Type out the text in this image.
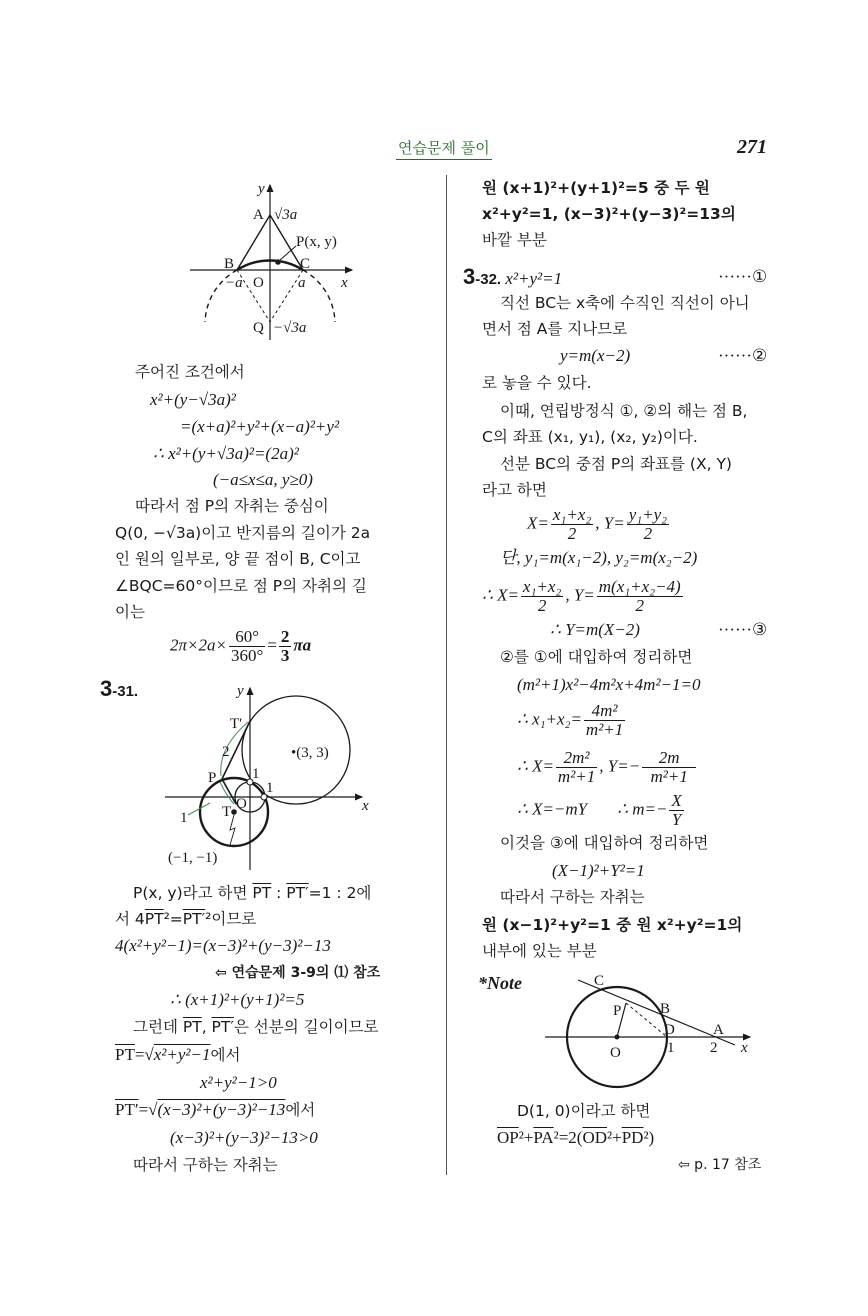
연습문제 풀이	271
y
A √3a
P(x, y)
B	C
−a O a x
Q −√3a
y
T′
2	•(3, 3)
P 1
1
O
T
1
x
(−1, −1)
C
B
P
D	A
O	1 2 x
주어진 조건에서
x²+(y−√3a)²
=(x+a)²+y²+(x−a)²+y²
∴ x²+(y+√3a)²=(2a)²
(−a≤x≤a, y≥0)
따라서 점 P의 자취는 중심이
Q(0, −√3a)이고 반지름의 길이가 2a
인 원의 일부로, 양 끝 점이 B, C이고
∠BQC=60°이므로 점 P의 자취의 길
이는
$2\pi\times 2a\times \frac{60^\circ}{360^\circ} = \frac{2}{3}$ πa
3-31.
P(x, y)라고 하면 $\overline{PT}$ : PT′=1 : 2에
서 $4\overline{PT}^2=PT'^2$이므로
4(x²+y²−1)=(x−3)²+(y−3)²−13
⇦ 연습문제 3-9의 ⑴ 참조
∴ (x+1)²+(y+1)²=5
그런데 $\overline{PT}$, PT′은 선분의 길이이므로
$\overline{PT}=√x^2+y^2-1$에서
x²+y²−1>0
PT′=√(x−3)²+(y−3)²−13에서
(x−3)²+(y−3)²−13>0
따라서 구하는 자취는
원 (x+1)²+(y+1)²=5 중 두 원
x²+y²=1, (x−3)²+(y−3)²=13의
바깥 부분
3-32. x²+y²=1	······①
직선 BC는 x축에 수직인 직선이 아니
면서 점 A를 지나므로
y=m(x−2)	······②
로 놓을 수 있다.
이때, 연립방정식 ①, ②의 해는 점 B,
C의 좌표 (x₁, y₁), (x₂, y₂)이다.
선분 BC의 중점 P의 좌표를 (X, Y)
라고 하면
$X= \frac{\text{x₁+x₂}}{2}$ , $Y= \frac{\text{y₁+y₂}}{2}$
단, y₁=m(x₁−2), y₂=m(x₂−2)
∴ $X= \frac{\text{x₁+x₂}}{2}$ , $Y= \frac{\text{m(x₁+x₂−4)}}{2}$
∴ Y=m(X−2)	······③
②를 ①에 대입하여 정리하면
(m²+1)x²−4m²x+4m²−1=0
∴ $x_1+x_2= \frac{\text{4m²}}{\text{m²+1}}$
∴ $X= \frac{\text{2m²}}{\text{m²+1}}$ , $Y=- \frac{2m}{\text{m²+1}}$
∴ X=−mY ∴ $m=- \frac{X}{Y}$
이것을 ③에 대입하여 정리하면
(X−1)²+Y²=1
따라서 구하는 자취는
원 (x−1)²+y²=1 중 원 x²+y²=1의
내부에 있는 부분
*Note
D(1, 0)이라고 하면
$\overline{OP}^2+\overline{PA}^2=2(\overline{OD}^2+\overline{PD}^2)$
⇦ p. 17 참조
